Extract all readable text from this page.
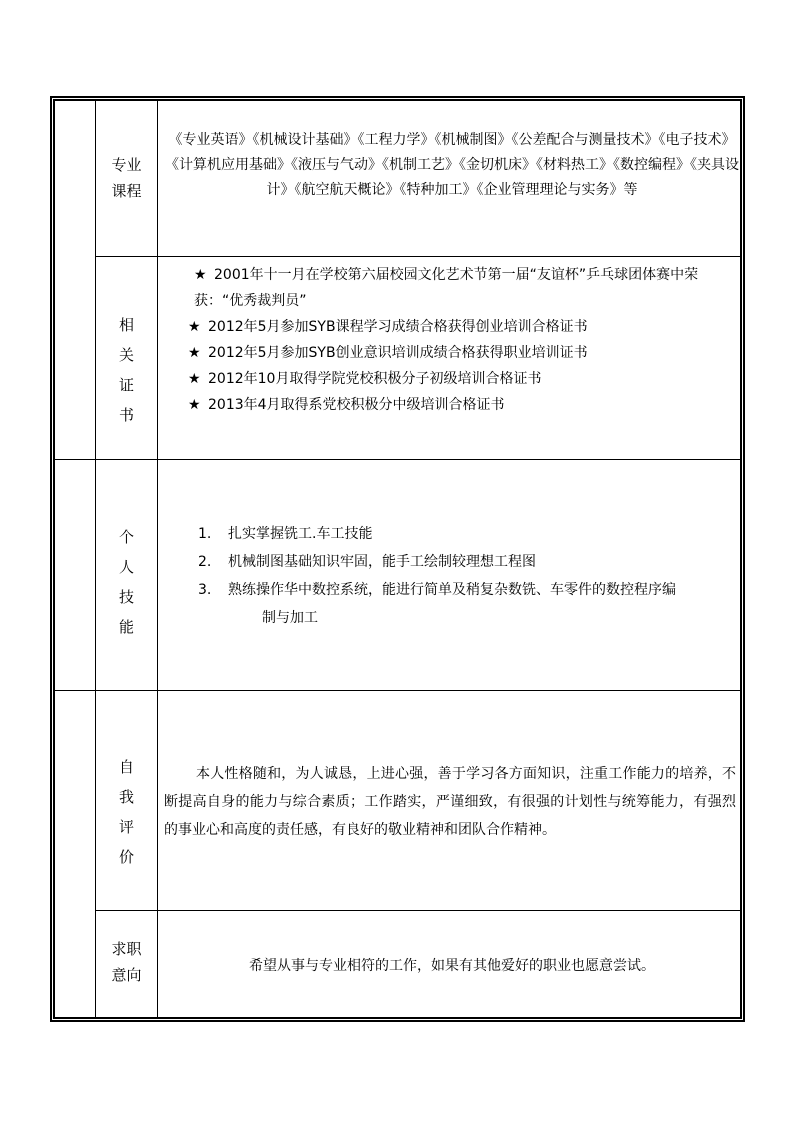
专业
课程
《专业英语》《机械设计基础》《工程力学》《机械制图》《公差配合与测量技术》《电子技术》《计算机应用基础》《液压与气动》《机制工艺》《金切机床》《材料热工》《数控编程》《夹具设计》《航空航天概论》《特种加工》《企业管理理论与实务》等
相
关
证
书
★ 2001年十一月在学校第六届校园文化艺术节第一届“友谊杯”乒乓球团体赛中荣获：“优秀裁判员”
★ 2012年5月参加SYB课程学习成绩合格获得创业培训合格证书
★ 2012年5月参加SYB创业意识培训成绩合格获得职业培训证书
★ 2012年10月取得学院党校积极分子初级培训合格证书
★ 2013年4月取得系党校积极分中级培训合格证书
个
人
技
能
1. 扎实掌握铣工.车工技能
2. 机械制图基础知识牢固，能手工绘制较理想工程图
3. 熟练操作华中数控系统，能进行简单及稍复杂数铣、车零件的数控程序编
制与加工
自
我
评
价
本人性格随和，为人诚恳，上进心强，善于学习各方面知识，注重工作能力的培养，不断提高自身的能力与综合素质；工作踏实，严谨细致，有很强的计划性与统筹能力，有强烈的事业心和高度的责任感，有良好的敬业精神和团队合作精神。
求职
意向	希望从事与专业相符的工作，如果有其他爱好的职业也愿意尝试。
